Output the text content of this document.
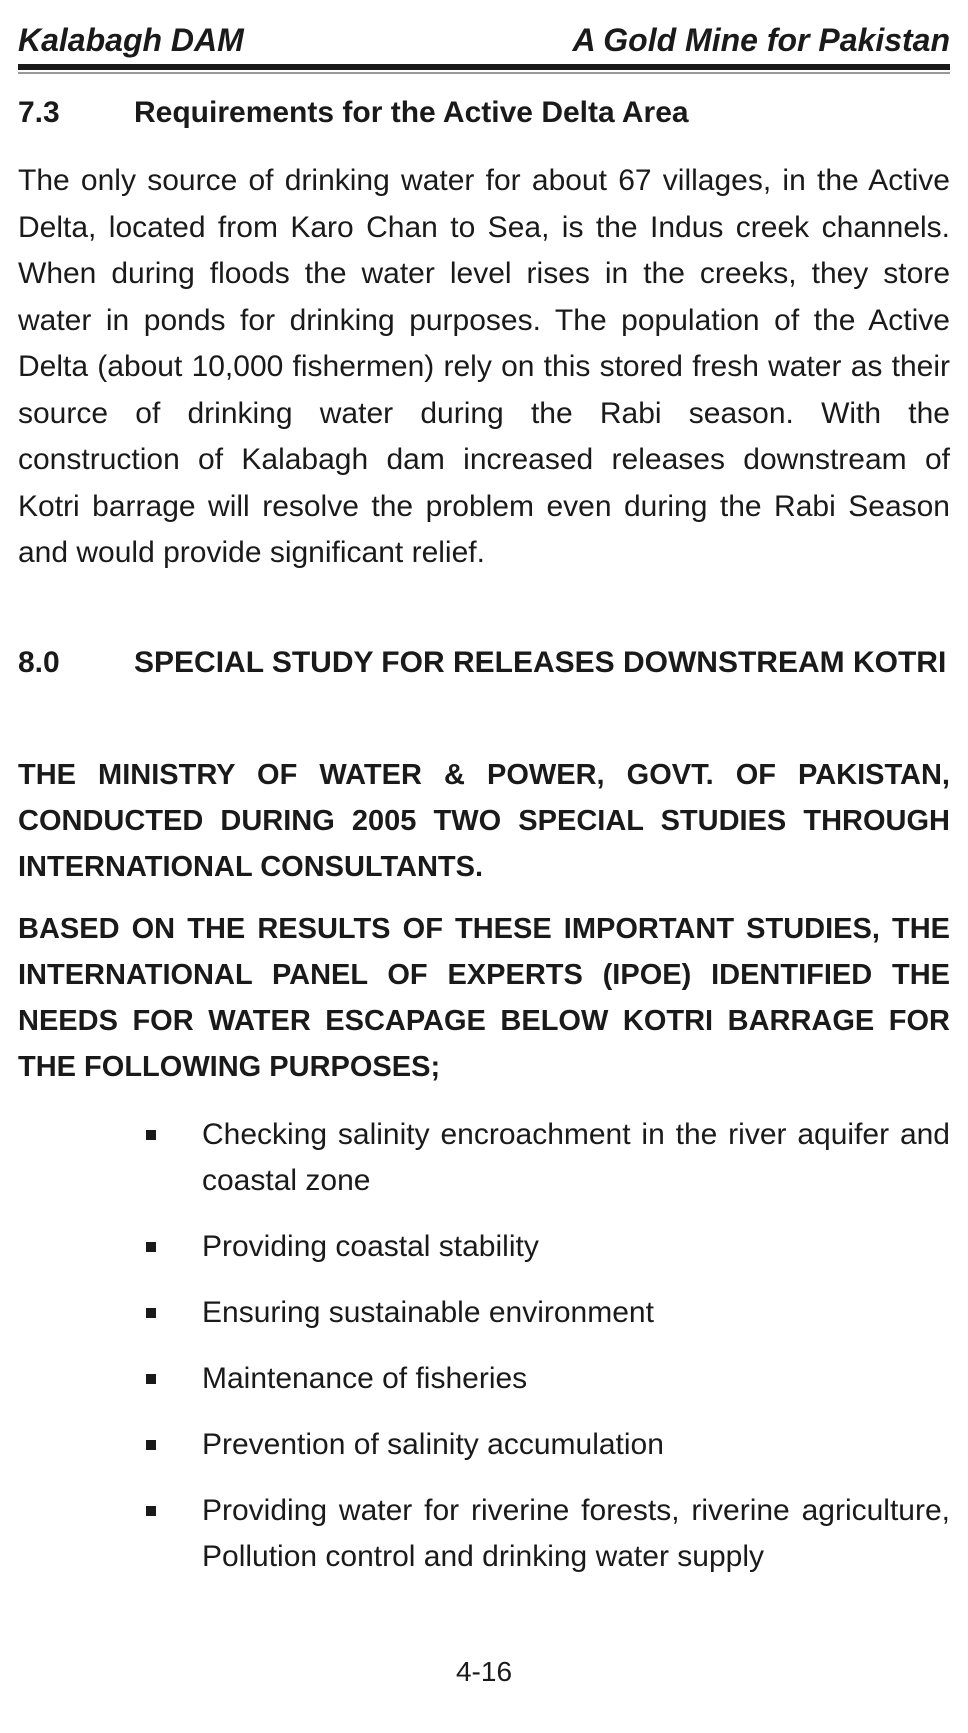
Kalabagh DAM	A Gold Mine for Pakistan
7.3 Requirements for the Active Delta Area

The only source of drinking water for about 67 villages, in the Active Delta, located from Karo Chan to Sea, is the Indus creek channels. When during floods the water level rises in the creeks, they store water in ponds for drinking purposes. The population of the Active Delta (about 10,000 fishermen) rely on this stored fresh water as their source of drinking water during the Rabi season. With the construction of Kalabagh dam increased releases downstream of Kotri barrage will resolve the problem even during the Rabi Season and would provide significant relief.

8.0 SPECIAL STUDY FOR RELEASES DOWNSTREAM KOTRI

THE MINISTRY OF WATER & POWER, GOVT. OF PAKISTAN, CONDUCTED DURING 2005 TWO SPECIAL STUDIES THROUGH INTERNATIONAL CONSULTANTS.

BASED ON THE RESULTS OF THESE IMPORTANT STUDIES, THE INTERNATIONAL PANEL OF EXPERTS (IPOE) IDENTIFIED THE NEEDS FOR WATER ESCAPAGE BELOW KOTRI BARRAGE FOR THE FOLLOWING PURPOSES;

Checking salinity encroachment in the river aquifer and coastal zone
Providing coastal stability
Ensuring sustainable environment
Maintenance of fisheries
Prevention of salinity accumulation
Providing water for riverine forests, riverine agriculture, Pollution control and drinking water supply
4-16
